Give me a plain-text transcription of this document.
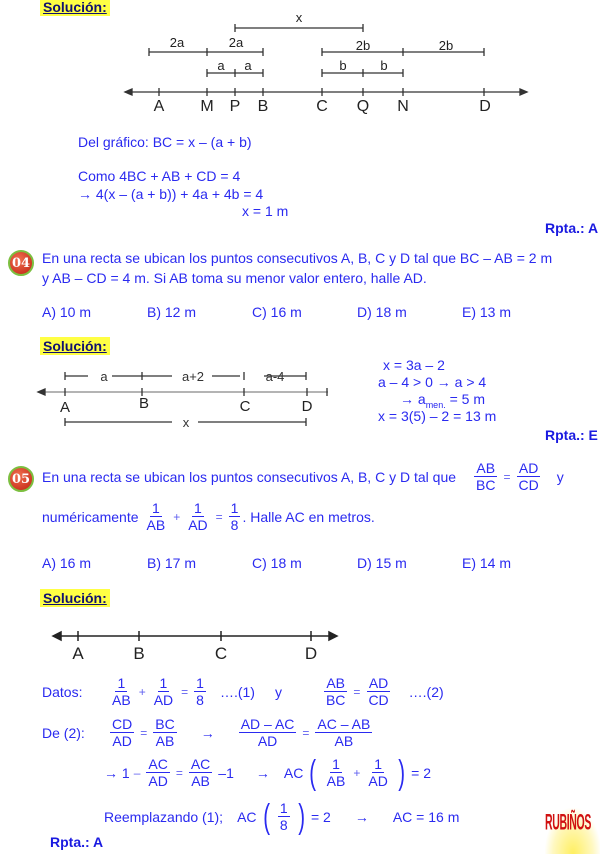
Solución:
x
2a	2a	2b	2b
a a	b	b
A M P B	C Q N	D
Del gráfico: BC = x – (a + b)
Como 4BC + AB + CD = 4
→ 4(x – (a + b)) + 4a + 4b = 4
x = 1 m
Rpta.: A
04 En una recta se ubican los puntos consecutivos A, B, C y D tal que BC – AB = 2 m
y AB – CD = 4 m. Si AB toma su menor valor entero, halle AD.
A) 10 m	B) 12 m	C) 16 m	D) 18 m	E) 13 m
Solución:
a	a+2	a-4
x
A	B	C	D
x = 3a – 2
a – 4 > 0 → a > 4
→ $a_{men.} = 5$ m
x = 3(5) – 2 = 13 m
Rpta.: E
05 En una recta se ubican los puntos consecutivos A, B, C y D tal que $\frac{AB}{BC} = \frac{AD}{CD}$ y
numéricamente $\frac{1}{AB} + \frac{1}{AD} = \frac{1}{8}$ . Halle AC en metros.
A) 16 m	B) 17 m	C) 18 m	D) 15 m	E) 14 m
Solución:
A	B	C	D
Datos:	$\frac{1}{AB} + \frac{1}{AD} = \frac{1}{8}$ ….(1) y	$\frac{AB}{BC} = \frac{AD}{CD}$ ….(2)
De (2):	$\frac{CD}{AD} = \frac{BC}{AB} \to \frac{AD - AC}{AD} = \frac{AC - AB}{AB}$
→ $1 - \frac{AC}{AD} = \frac{AC}{AB} -1$ → AC ( $\frac{1}{AB} + \frac{1}{AD}$ ) = 2
Reemplazando (1); AC ( $\frac{1}{8}$ ) = 2 → AC = 16 m
Rpta.: A
RUBIÑOS
